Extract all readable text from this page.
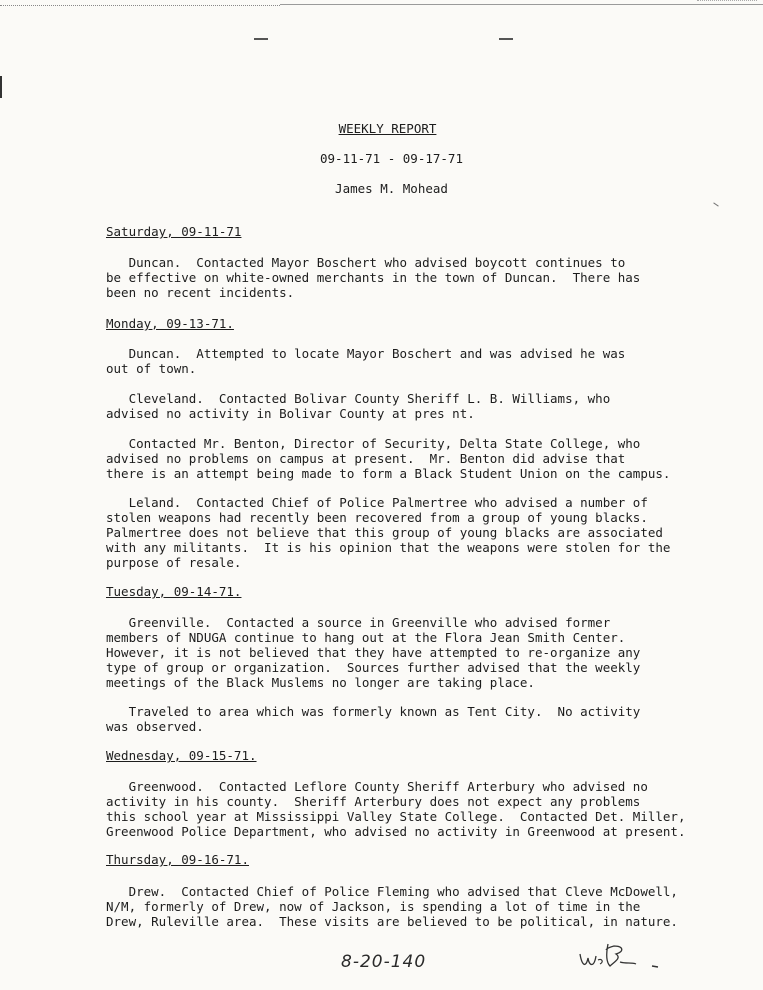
WEEKLY REPORT
09-11-71 - 09-17-71
James M. Mohead
Saturday, 09-11-71
Duncan.  Contacted Mayor Boschert who advised boycott continues to
be effective on white-owned merchants in the town of Duncan.  There has
been no recent incidents.
Monday, 09-13-71.
Duncan.  Attempted to locate Mayor Boschert and was advised he was
out of town.
Cleveland.  Contacted Bolivar County Sheriff L. B. Williams, who
advised no activity in Bolivar County at pres nt.
Contacted Mr. Benton, Director of Security, Delta State College, who
advised no problems on campus at present.  Mr. Benton did advise that
there is an attempt being made to form a Black Student Union on the campus.
Leland.  Contacted Chief of Police Palmertree who advised a number of
stolen weapons had recently been recovered from a group of young blacks.
Palmertree does not believe that this group of young blacks are associated
with any militants.  It is his opinion that the weapons were stolen for the
purpose of resale.
Tuesday, 09-14-71.
Greenville.  Contacted a source in Greenville who advised former
members of NDUGA continue to hang out at the Flora Jean Smith Center.
However, it is not believed that they have attempted to re-organize any
type of group or organization.  Sources further advised that the weekly
meetings of the Black Muslems no longer are taking place.
Traveled to area which was formerly known as Tent City.  No activity
was observed.
Wednesday, 09-15-71.
Greenwood.  Contacted Leflore County Sheriff Arterbury who advised no
activity in his county.  Sheriff Arterbury does not expect any problems
this school year at Mississippi Valley State College.  Contacted Det. Miller,
Greenwood Police Department, who advised no activity in Greenwood at present.
Thursday, 09-16-71.
Drew.  Contacted Chief of Police Fleming who advised that Cleve McDowell,
N/M, formerly of Drew, now of Jackson, is spending a lot of time in the
Drew, Ruleville area.  These visits are believed to be political, in nature.
8-20-140
